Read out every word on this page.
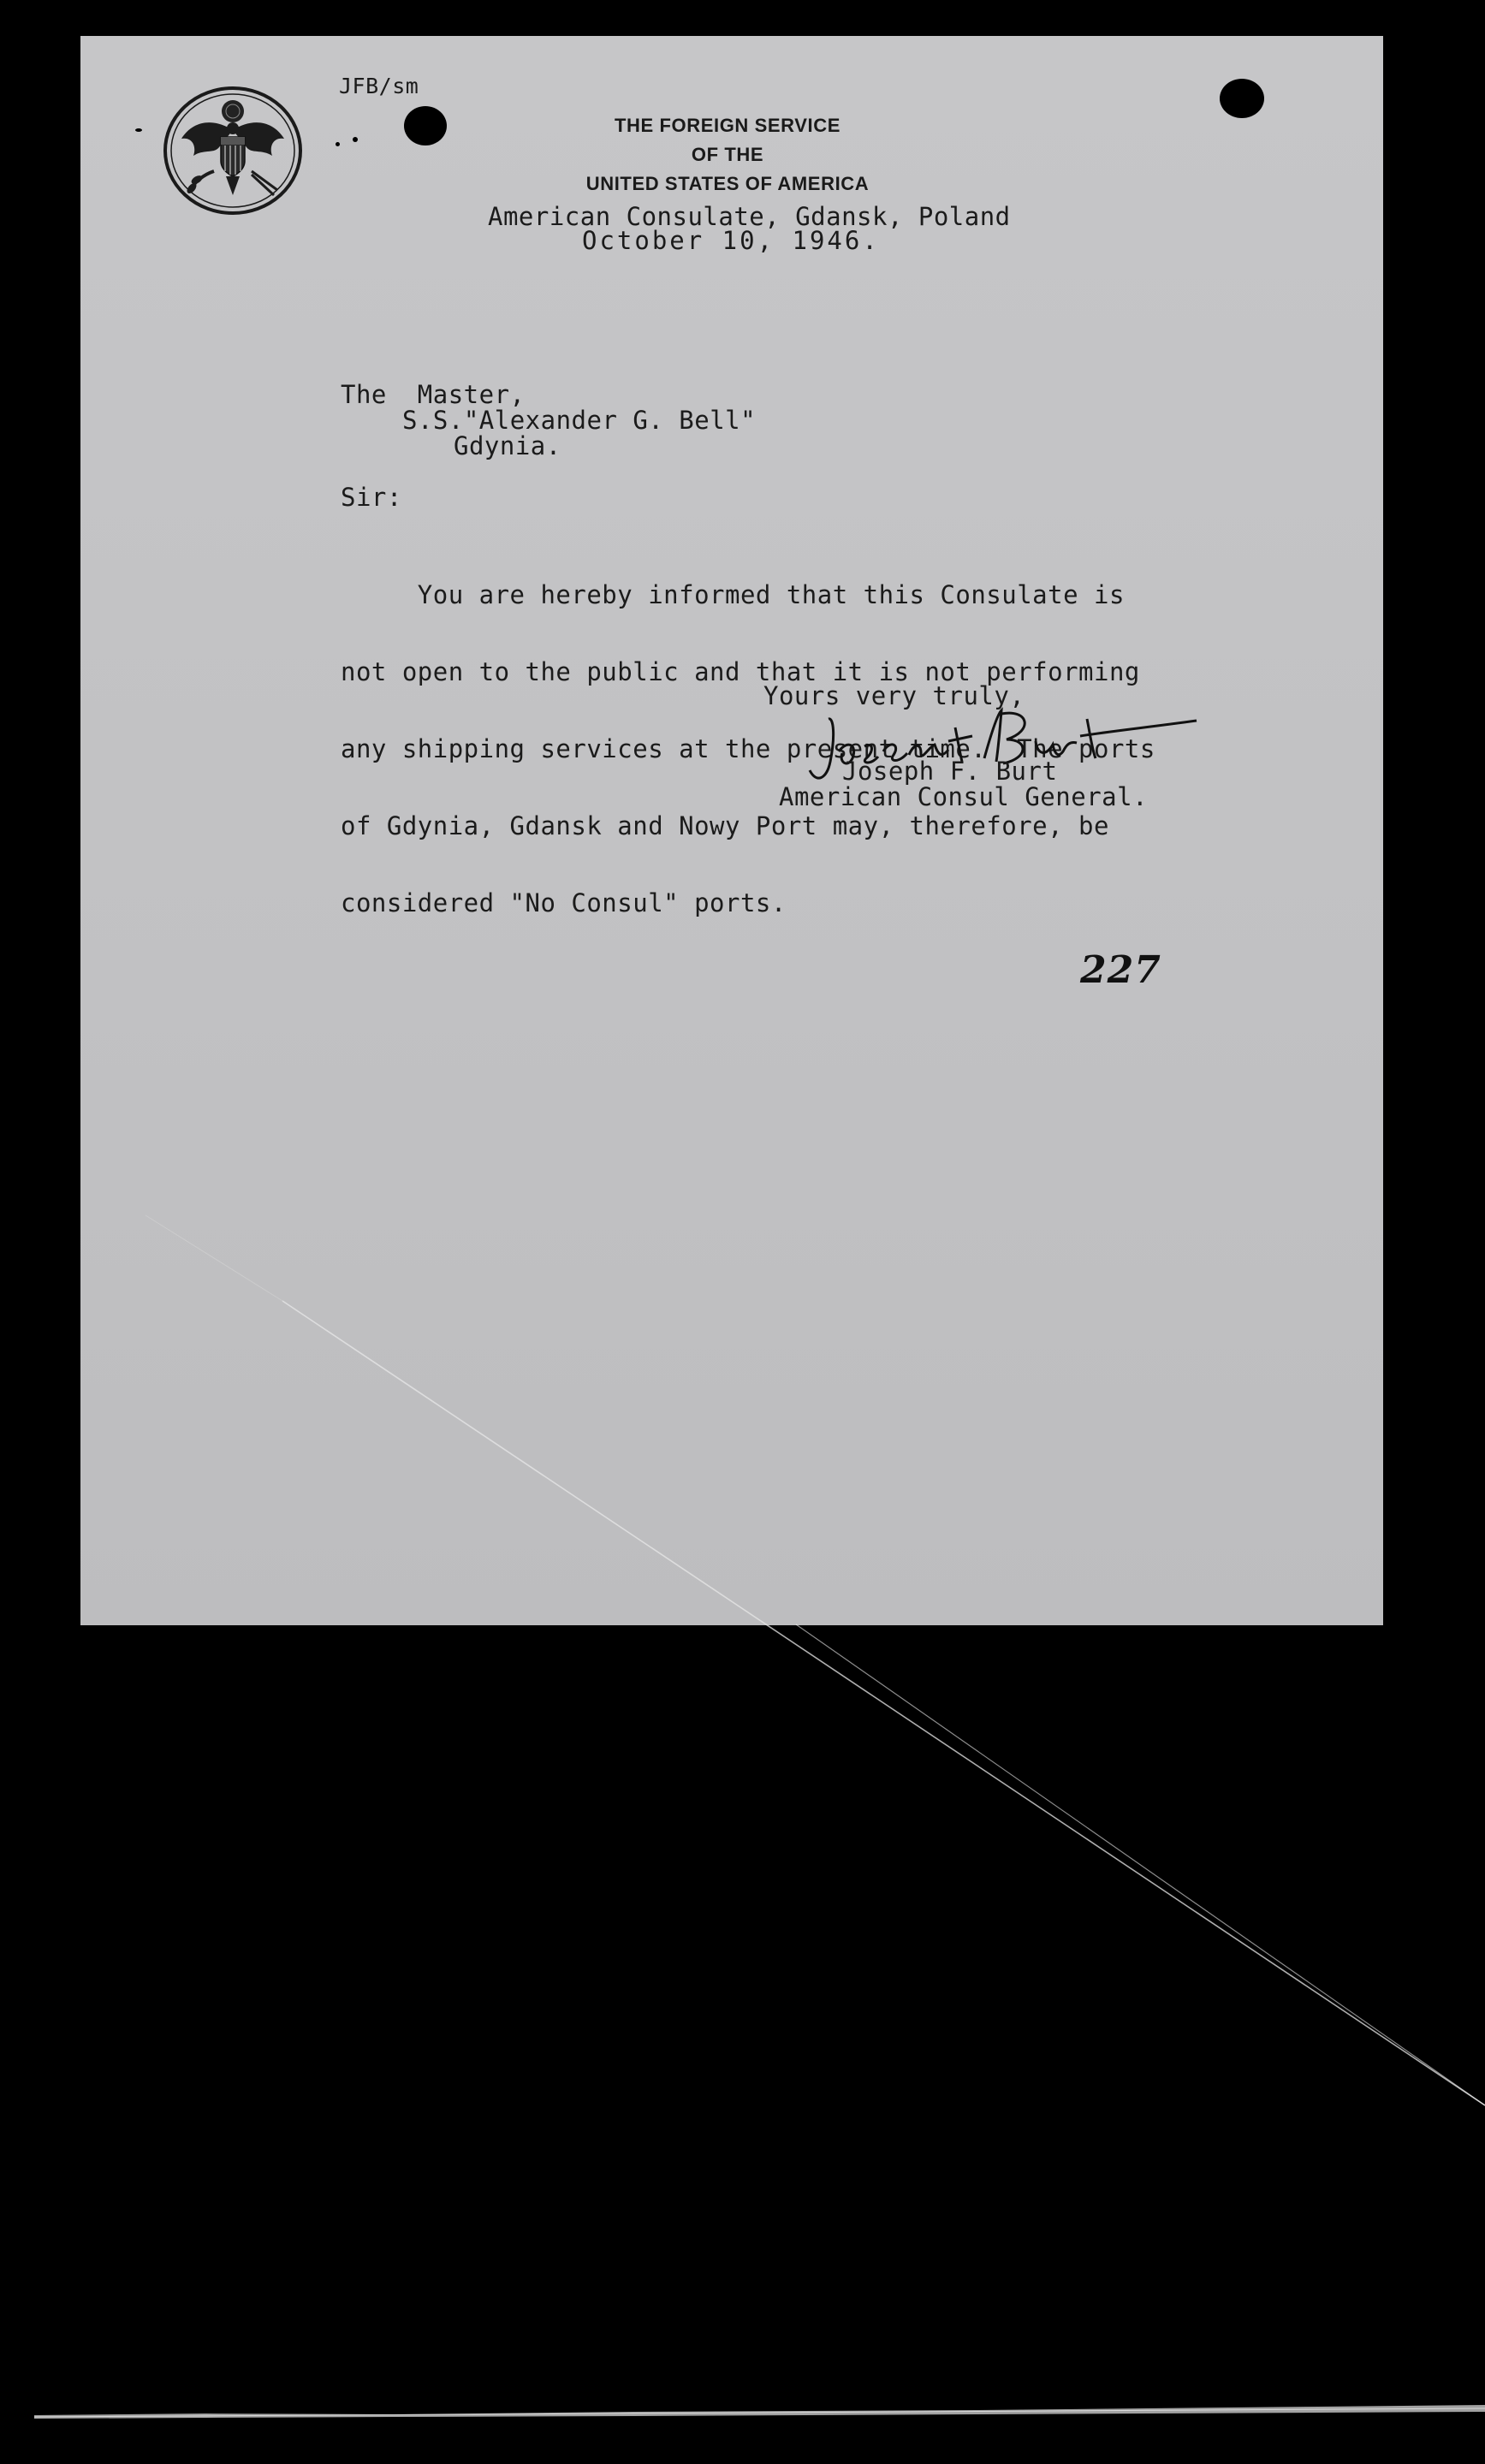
JFB/sm
THE FOREIGN SERVICE
OF THE
UNITED STATES OF AMERICA
American Consulate, Gdansk, Poland
October 10, 1946.
The  Master,
S.S."Alexander G. Bell"
Gdynia.
Sir:

You are hereby informed that this Consulate is

not open to the public and that it is not performing

any shipping services at the present time.  The ports

of Gdynia, Gdansk and Nowy Port may, therefore, be

considered "No Consul" ports.

Yours very truly,
Joseph F. Burt
American Consul General.
227
